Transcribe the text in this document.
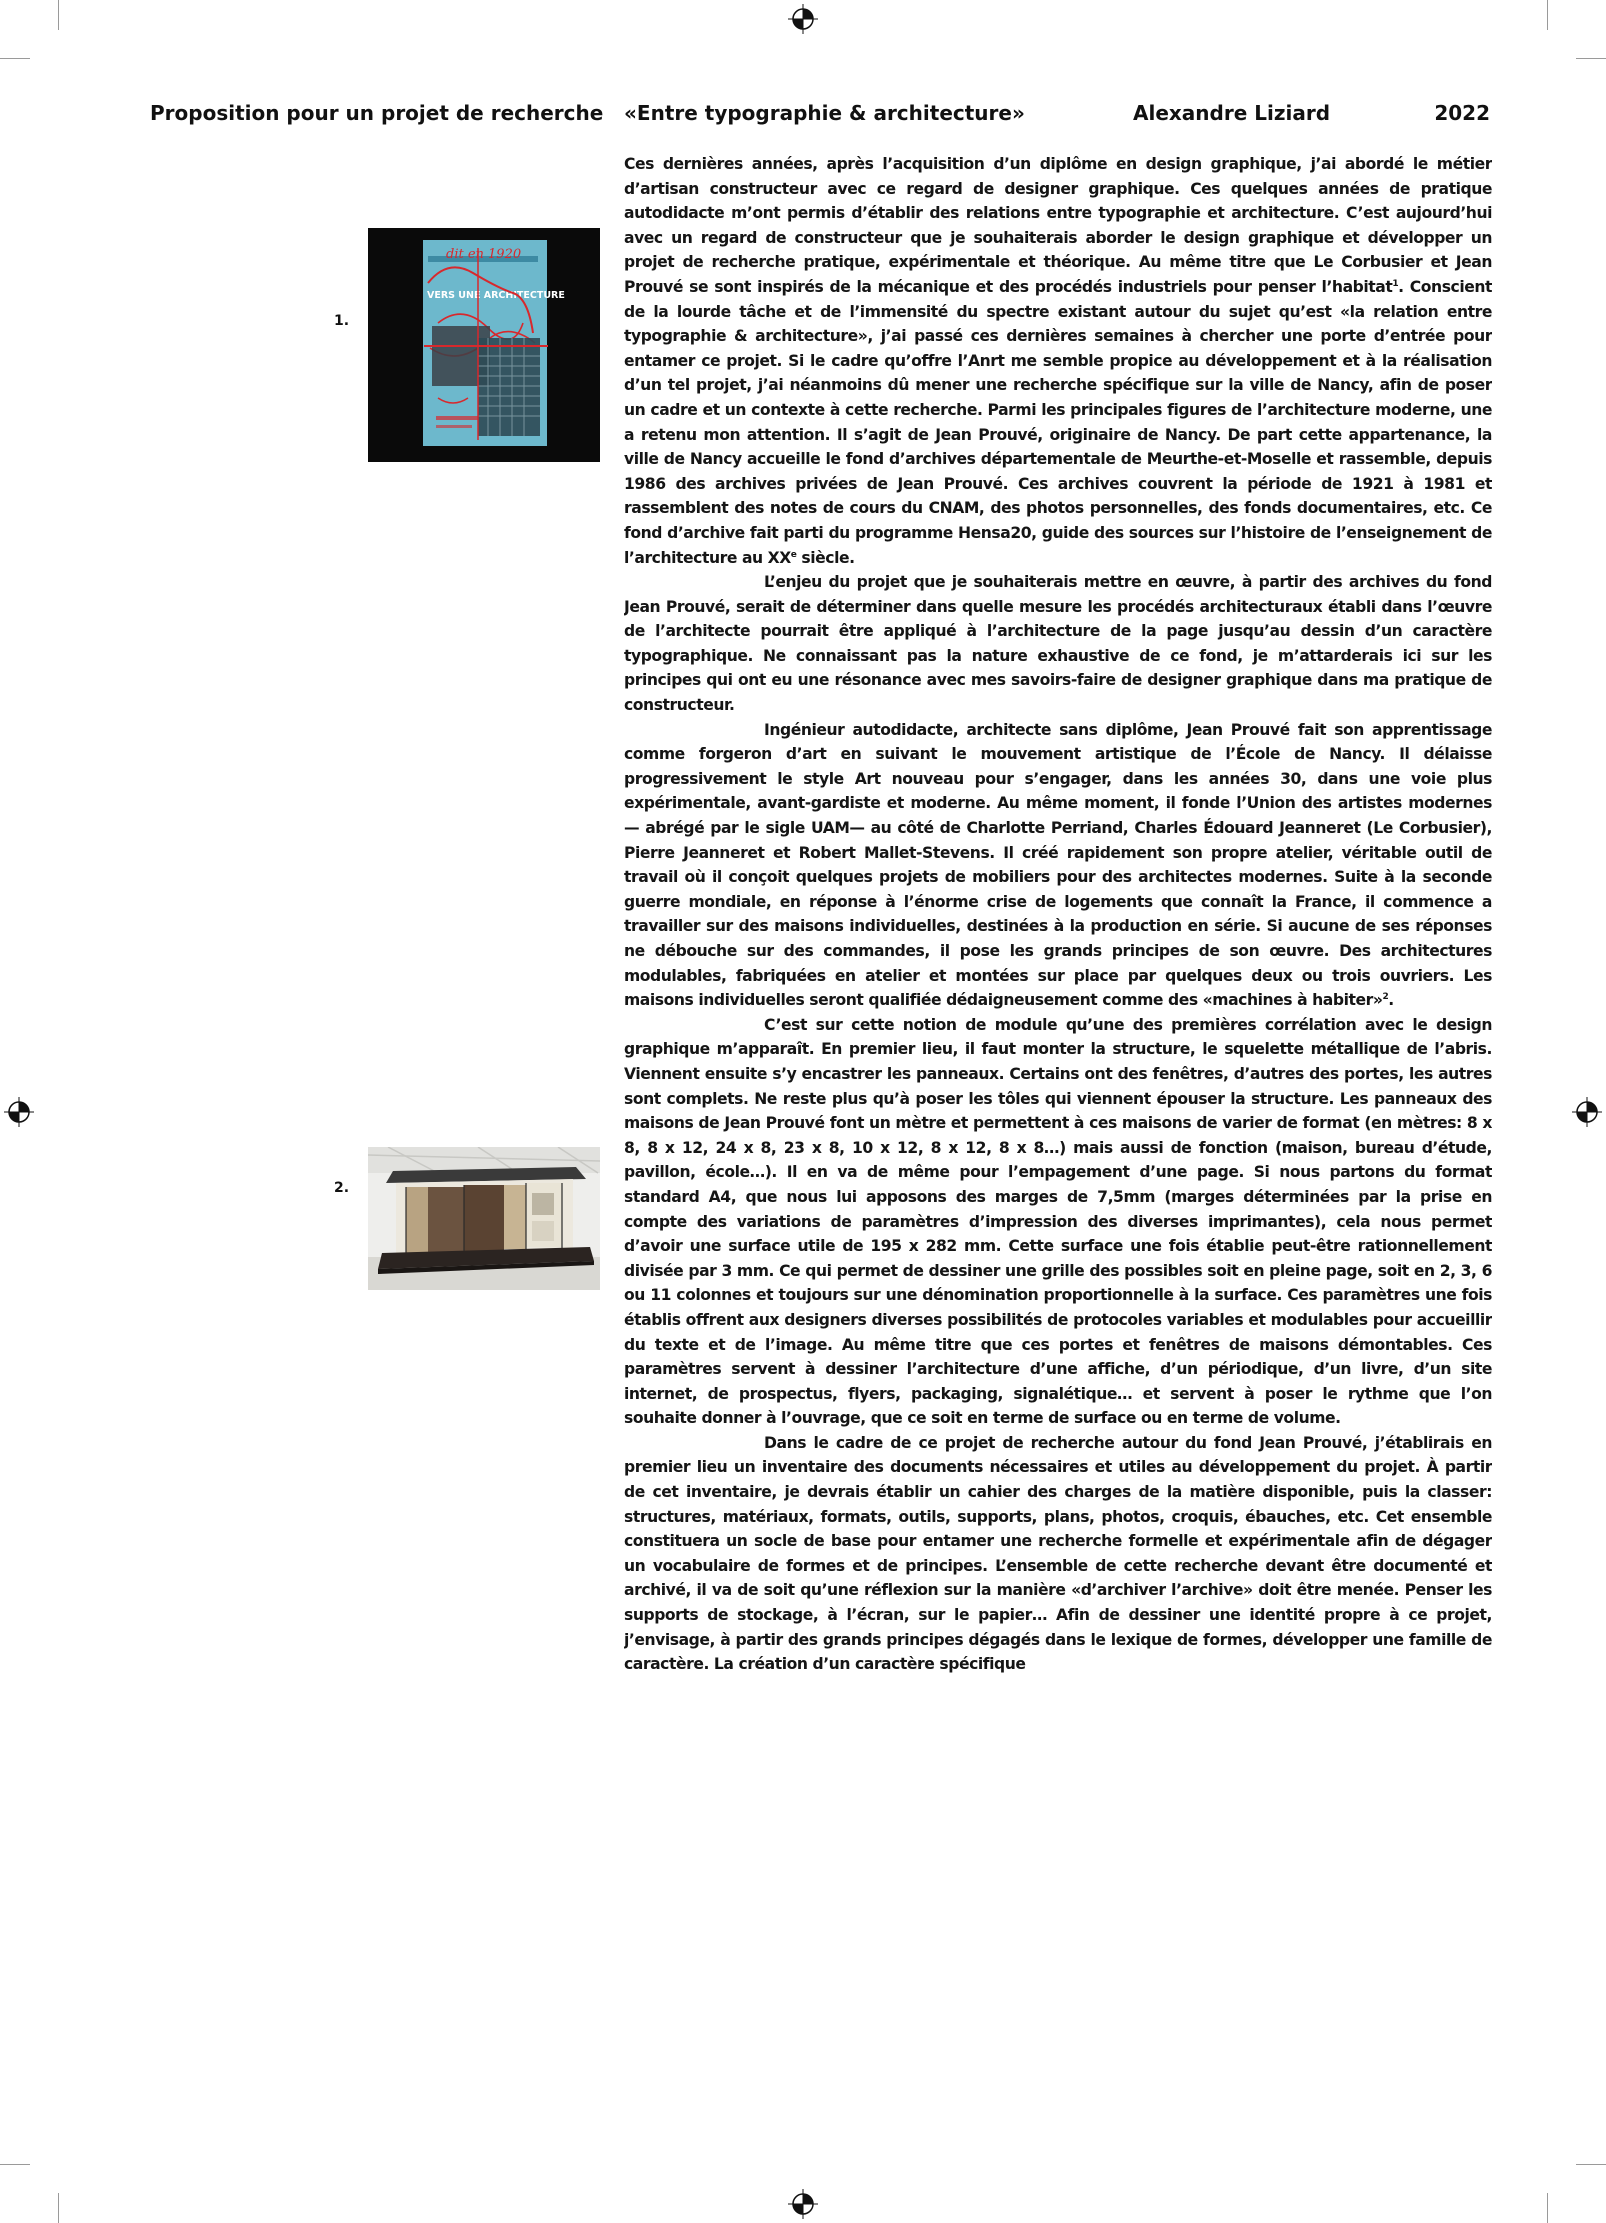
Proposition pour un projet de recherche «Entre typographie & architecture»	Alexandre Liziard	2022
1.
dit en 1920
VERS UNE ARCHITECTURE
2.

Ces dernières années, après l’acquisition d’un diplôme en design graphique, j’ai abordé le métier d’artisan constructeur avec ce regard de designer graphique. Ces quelques années de pratique autodidacte m’ont permis d’établir des relations entre typographie et architecture. C’est aujourd’hui avec un regard de constructeur que je souhaiterais aborder le design graphique et développer un projet de recherche pratique, expérimentale et théorique. Au même titre que Le Corbusier et Jean Prouvé se sont inspirés de la mécanique et des procédés industriels pour penser l’habitat$^1$. Conscient de la lourde tâche et de l’immensité du spectre existant autour du sujet qu’est «la relation entre typographie & architecture», j’ai passé ces dernières semaines à chercher une porte d’entrée pour entamer ce projet. Si le cadre qu’offre l’Anrt me semble propice au développement et à la réalisation d’un tel projet, j’ai néanmoins dû mener une recherche spécifique sur la ville de Nancy, afin de poser un cadre et un contexte à cette recherche. Parmi les principales figures de l’architecture moderne, une a retenu mon attention. Il s’agit de Jean Prouvé, originaire de Nancy. De part cette appartenance, la ville de Nancy accueille le fond d’archives départementale de Meurthe-et-Moselle et rassemble, depuis 1986 des archives privées de Jean Prouvé. Ces archives couvrent la période de 1921 à 1981 et rassemblent des notes de cours du CNAM, des photos personnelles, des fonds documentaires, etc. Ce fond d’archive fait parti du programme Hensa20, guide des sources sur l’histoire de l’enseignement de l’architecture au XXe siècle.

L’enjeu du projet que je souhaiterais mettre en œuvre, à partir des archives du fond Jean Prouvé, serait de déterminer dans quelle mesure les procédés architecturaux établi dans l’œuvre de l’architecte pourrait être appliqué à l’architecture de la page jusqu’au dessin d’un caractère typographique. Ne connaissant pas la nature exhaustive de ce fond, je m’attarderais ici sur les principes qui ont eu une résonance avec mes savoirs-faire de designer graphique dans ma pratique de constructeur.

Ingénieur autodidacte, architecte sans diplôme, Jean Prouvé fait son apprentissage comme forgeron d’art en suivant le mouvement artistique de l’École de Nancy. Il délaisse progressivement le style Art nouveau pour s’engager, dans les années 30, dans une voie plus expérimentale, avant-gardiste et moderne. Au même moment, il fonde l’Union des artistes modernes — abrégé par le sigle UAM— au côté de Charlotte Perriand, Charles Édouard Jeanneret (Le Corbusier), Pierre Jeanneret et Robert Mallet-Stevens. Il créé rapidement son propre atelier, véritable outil de travail où il conçoit quelques projets de mobiliers pour des architectes modernes. Suite à la seconde guerre mondiale, en réponse à l’énorme crise de logements que connaît la France, il commence a travailler sur des maisons individuelles, destinées à la production en série. Si aucune de ses réponses ne débouche sur des commandes, il pose les grands principes de son œuvre. Des architectures modulables, fabriquées en atelier et montées sur place par quelques deux ou trois ouvriers. Les maisons individuelles seront qualifiée dédaigneusement comme des «machines à habiter»$^2$.

C’est sur cette notion de module qu’une des premières corrélation avec le design graphique m’apparaît. En premier lieu, il faut monter la structure, le squelette métallique de l’abris. Viennent ensuite s’y encastrer les panneaux. Certains ont des fenêtres, d’autres des portes, les autres sont complets. Ne reste plus qu’à poser les tôles qui viennent épouser la structure. Les panneaux des maisons de Jean Prouvé font un mètre et permettent à ces maisons de varier de format (en mètres: 8 x 8, 8 x 12, 24 x 8, 23 x 8, 10 x 12, 8 x 12, 8 x 8…) mais aussi de fonction (maison, bureau d’étude, pavillon, école…). Il en va de même pour l’empagement d’une page. Si nous partons du format standard A4, que nous lui apposons des marges de 7,5mm (marges déterminées par la prise en compte des variations de paramètres d’impression des diverses imprimantes), cela nous permet d’avoir une surface utile de 195 x 282 mm. Cette surface une fois établie peut-être rationnellement divisée par 3 mm. Ce qui permet de dessiner une grille des possibles soit en pleine page, soit en 2, 3, 6 ou 11 colonnes et toujours sur une dénomination proportionnelle à la surface. Ces paramètres une fois établis offrent aux designers diverses possibilités de protocoles variables et modulables pour accueillir du texte et de l’image. Au même titre que ces portes et fenêtres de maisons démontables. Ces paramètres servent à dessiner l’architecture d’une affiche, d’un périodique, d’un livre, d’un site internet, de prospectus, flyers, packaging, signalétique… et servent à poser le rythme que l’on souhaite donner à l’ouvrage, que ce soit en terme de surface ou en terme de volume.

Dans le cadre de ce projet de recherche autour du fond Jean Prouvé, j’établirais en premier lieu un inventaire des documents nécessaires et utiles au développement du projet. À partir de cet inventaire, je devrais établir un cahier des charges de la matière disponible, puis la classer: structures, matériaux, formats, outils, supports, plans, photos, croquis, ébauches, etc. Cet ensemble constituera un socle de base pour entamer une recherche formelle et expérimentale afin de dégager un vocabulaire de formes et de principes. L’ensemble de cette recherche devant être documenté et archivé, il va de soit qu’une réflexion sur la manière «d’archiver l’archive» doit être menée. Penser les supports de stockage, à l’écran, sur le papier… Afin de dessiner une identité propre à ce projet, j’envisage, à partir des grands principes dégagés dans le lexique de formes, développer une famille de caractère. La création d’un caractère spécifique
